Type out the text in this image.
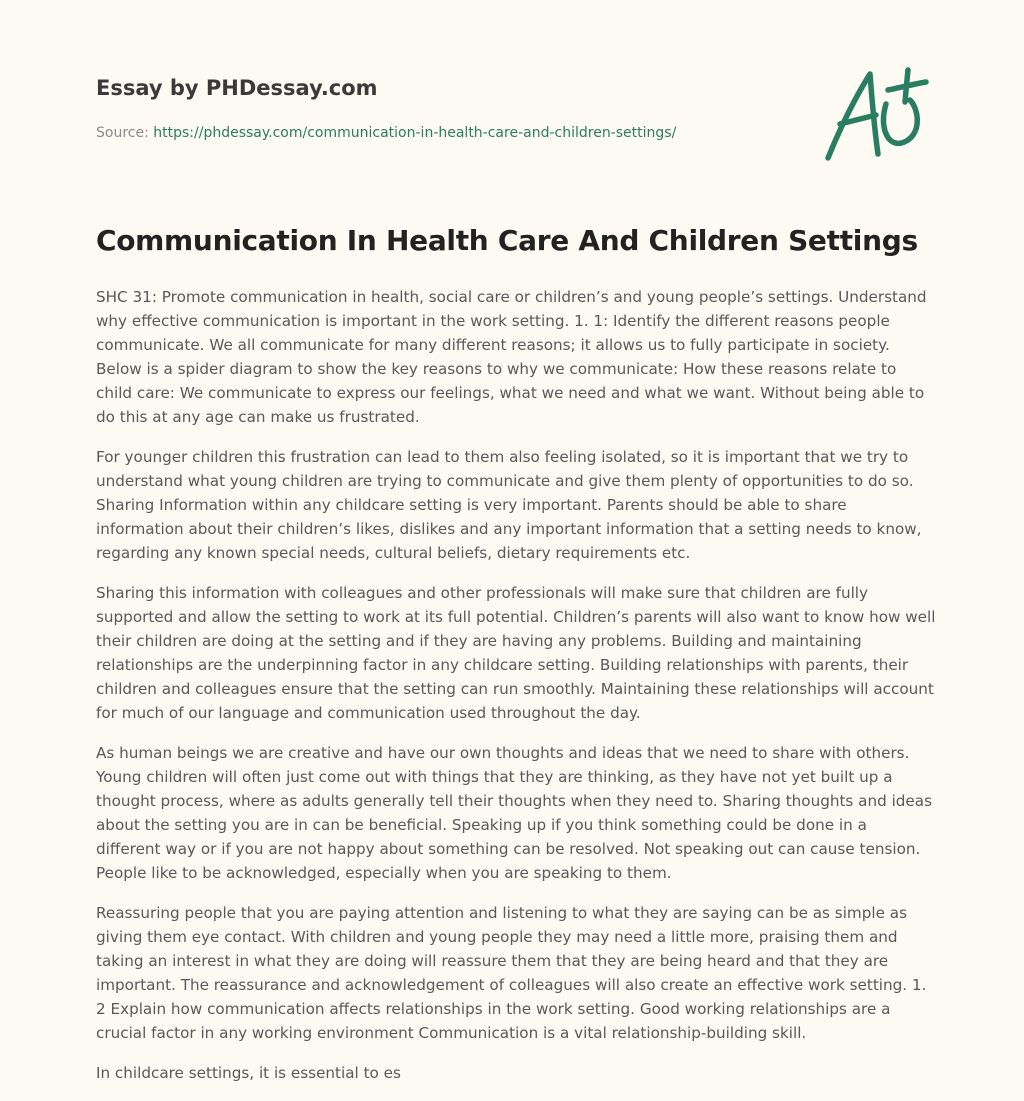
Essay by PHDessay.com
Source: https://phdessay.com/communication-in-health-care-and-children-settings/
Communication In Health Care And Children Settings

SHC 31: Promote communication in health, social care or children’s and young people’s settings. Understand why effective communication is important in the work setting. 1. 1: Identify the different reasons people communicate. We all communicate for many different reasons; it allows us to fully participate in society. Below is a spider diagram to show the key reasons to why we communicate: How these reasons relate to child care: We communicate to express our feelings, what we need and what we want. Without being able to do this at any age can make us frustrated.

For younger children this frustration can lead to them also feeling isolated, so it is important that we try to understand what young children are trying to communicate and give them plenty of opportunities to do so. Sharing Information within any childcare setting is very important. Parents should be able to share information about their children’s likes, dislikes and any important information that a setting needs to know, regarding any known special needs, cultural beliefs, dietary requirements etc.

Sharing this information with colleagues and other professionals will make sure that children are fully supported and allow the setting to work at its full potential. Children’s parents will also want to know how well their children are doing at the setting and if they are having any problems. Building and maintaining relationships are the underpinning factor in any childcare setting. Building relationships with parents, their children and colleagues ensure that the setting can run smoothly. Maintaining these relationships will account for much of our language and communication used throughout the day.

As human beings we are creative and have our own thoughts and ideas that we need to share with others. Young children will often just come out with things that they are thinking, as they have not yet built up a thought process, where as adults generally tell their thoughts when they need to. Sharing thoughts and ideas about the setting you are in can be beneficial. Speaking up if you think something could be done in a different way or if you are not happy about something can be resolved. Not speaking out can cause tension. People like to be acknowledged, especially when you are speaking to them.

Reassuring people that you are paying attention and listening to what they are saying can be as simple as giving them eye contact. With children and young people they may need a little more, praising them and taking an interest in what they are doing will reassure them that they are being heard and that they are important. The reassurance and acknowledgement of colleagues will also create an effective work setting. 1. 2 Explain how communication affects relationships in the work setting. Good working relationships are a crucial factor in any working environment Communication is a vital relationship-building skill.

In childcare settings, it is essential to es
